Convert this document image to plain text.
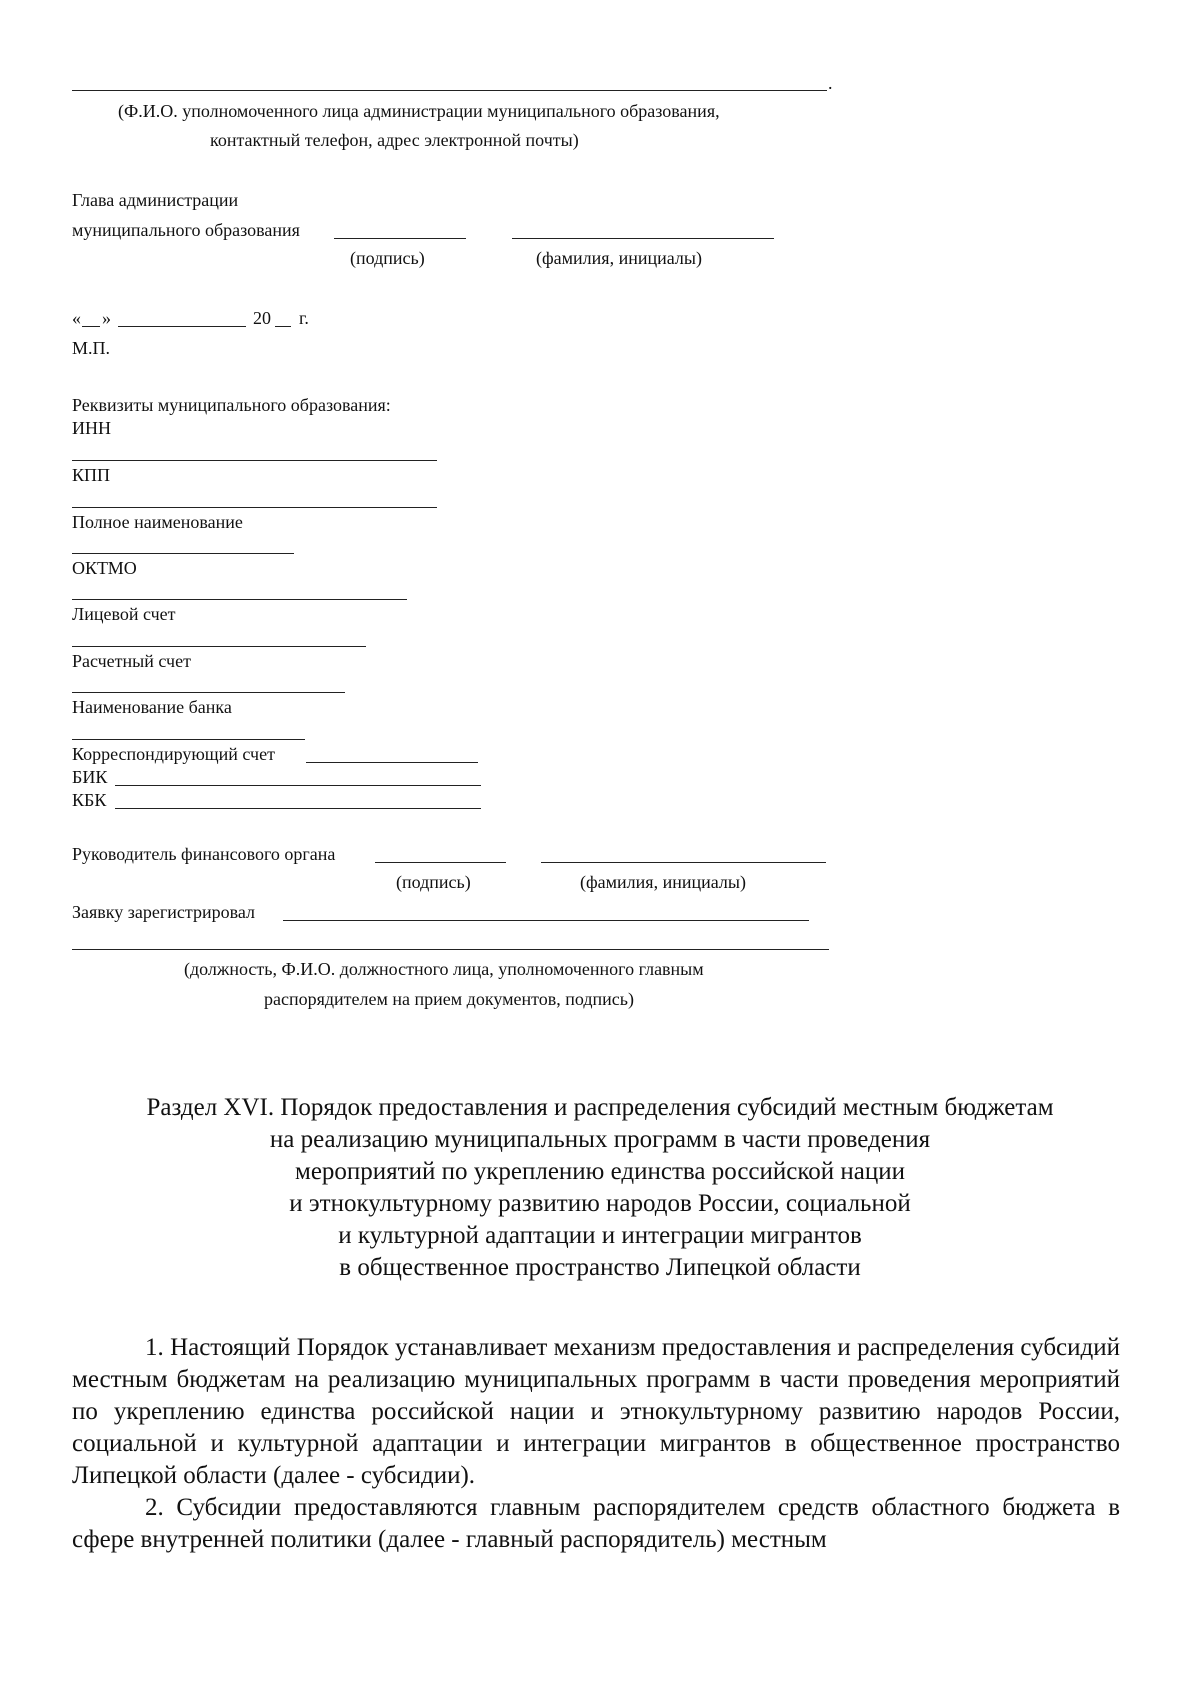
.
(Ф.И.О. уполномоченного лица администрации муниципального образования,
контактный телефон, адрес электронной почты)
Глава администрации
муниципального образования
(подпись)	(фамилия, инициалы)
« »	20 г.
М.П.
Реквизиты муниципального образования:
ИНН
КПП
Полное наименование
ОКТМО
Лицевой счет
Расчетный счет
Наименование банка
Корреспондирующий счет
БИК
КБК
Руководитель финансового органа
(подпись)	(фамилия, инициалы)
Заявку зарегистрировал
(должность, Ф.И.О. должностного лица, уполномоченного главным
распорядителем на прием документов, подпись)
Раздел XVI. Порядок предоставления и распределения субсидий местным бюджетам
на реализацию муниципальных программ в части проведения
мероприятий по укреплению единства российской нации
и этнокультурному развитию народов России, социальной
и культурной адаптации и интеграции мигрантов
в общественное пространство Липецкой области

1. Настоящий Порядок устанавливает механизм предоставления и распределения субсидий местным бюджетам на реализацию муниципальных программ в части проведения мероприятий по укреплению единства российской нации и этнокультурному развитию народов России, социальной и культурной адаптации и интеграции мигрантов в общественное пространство Липецкой области (далее - субсидии).

2. Субсидии предоставляются главным распорядителем средств областного бюджета в сфере внутренней политики (далее - главный распорядитель) местным
